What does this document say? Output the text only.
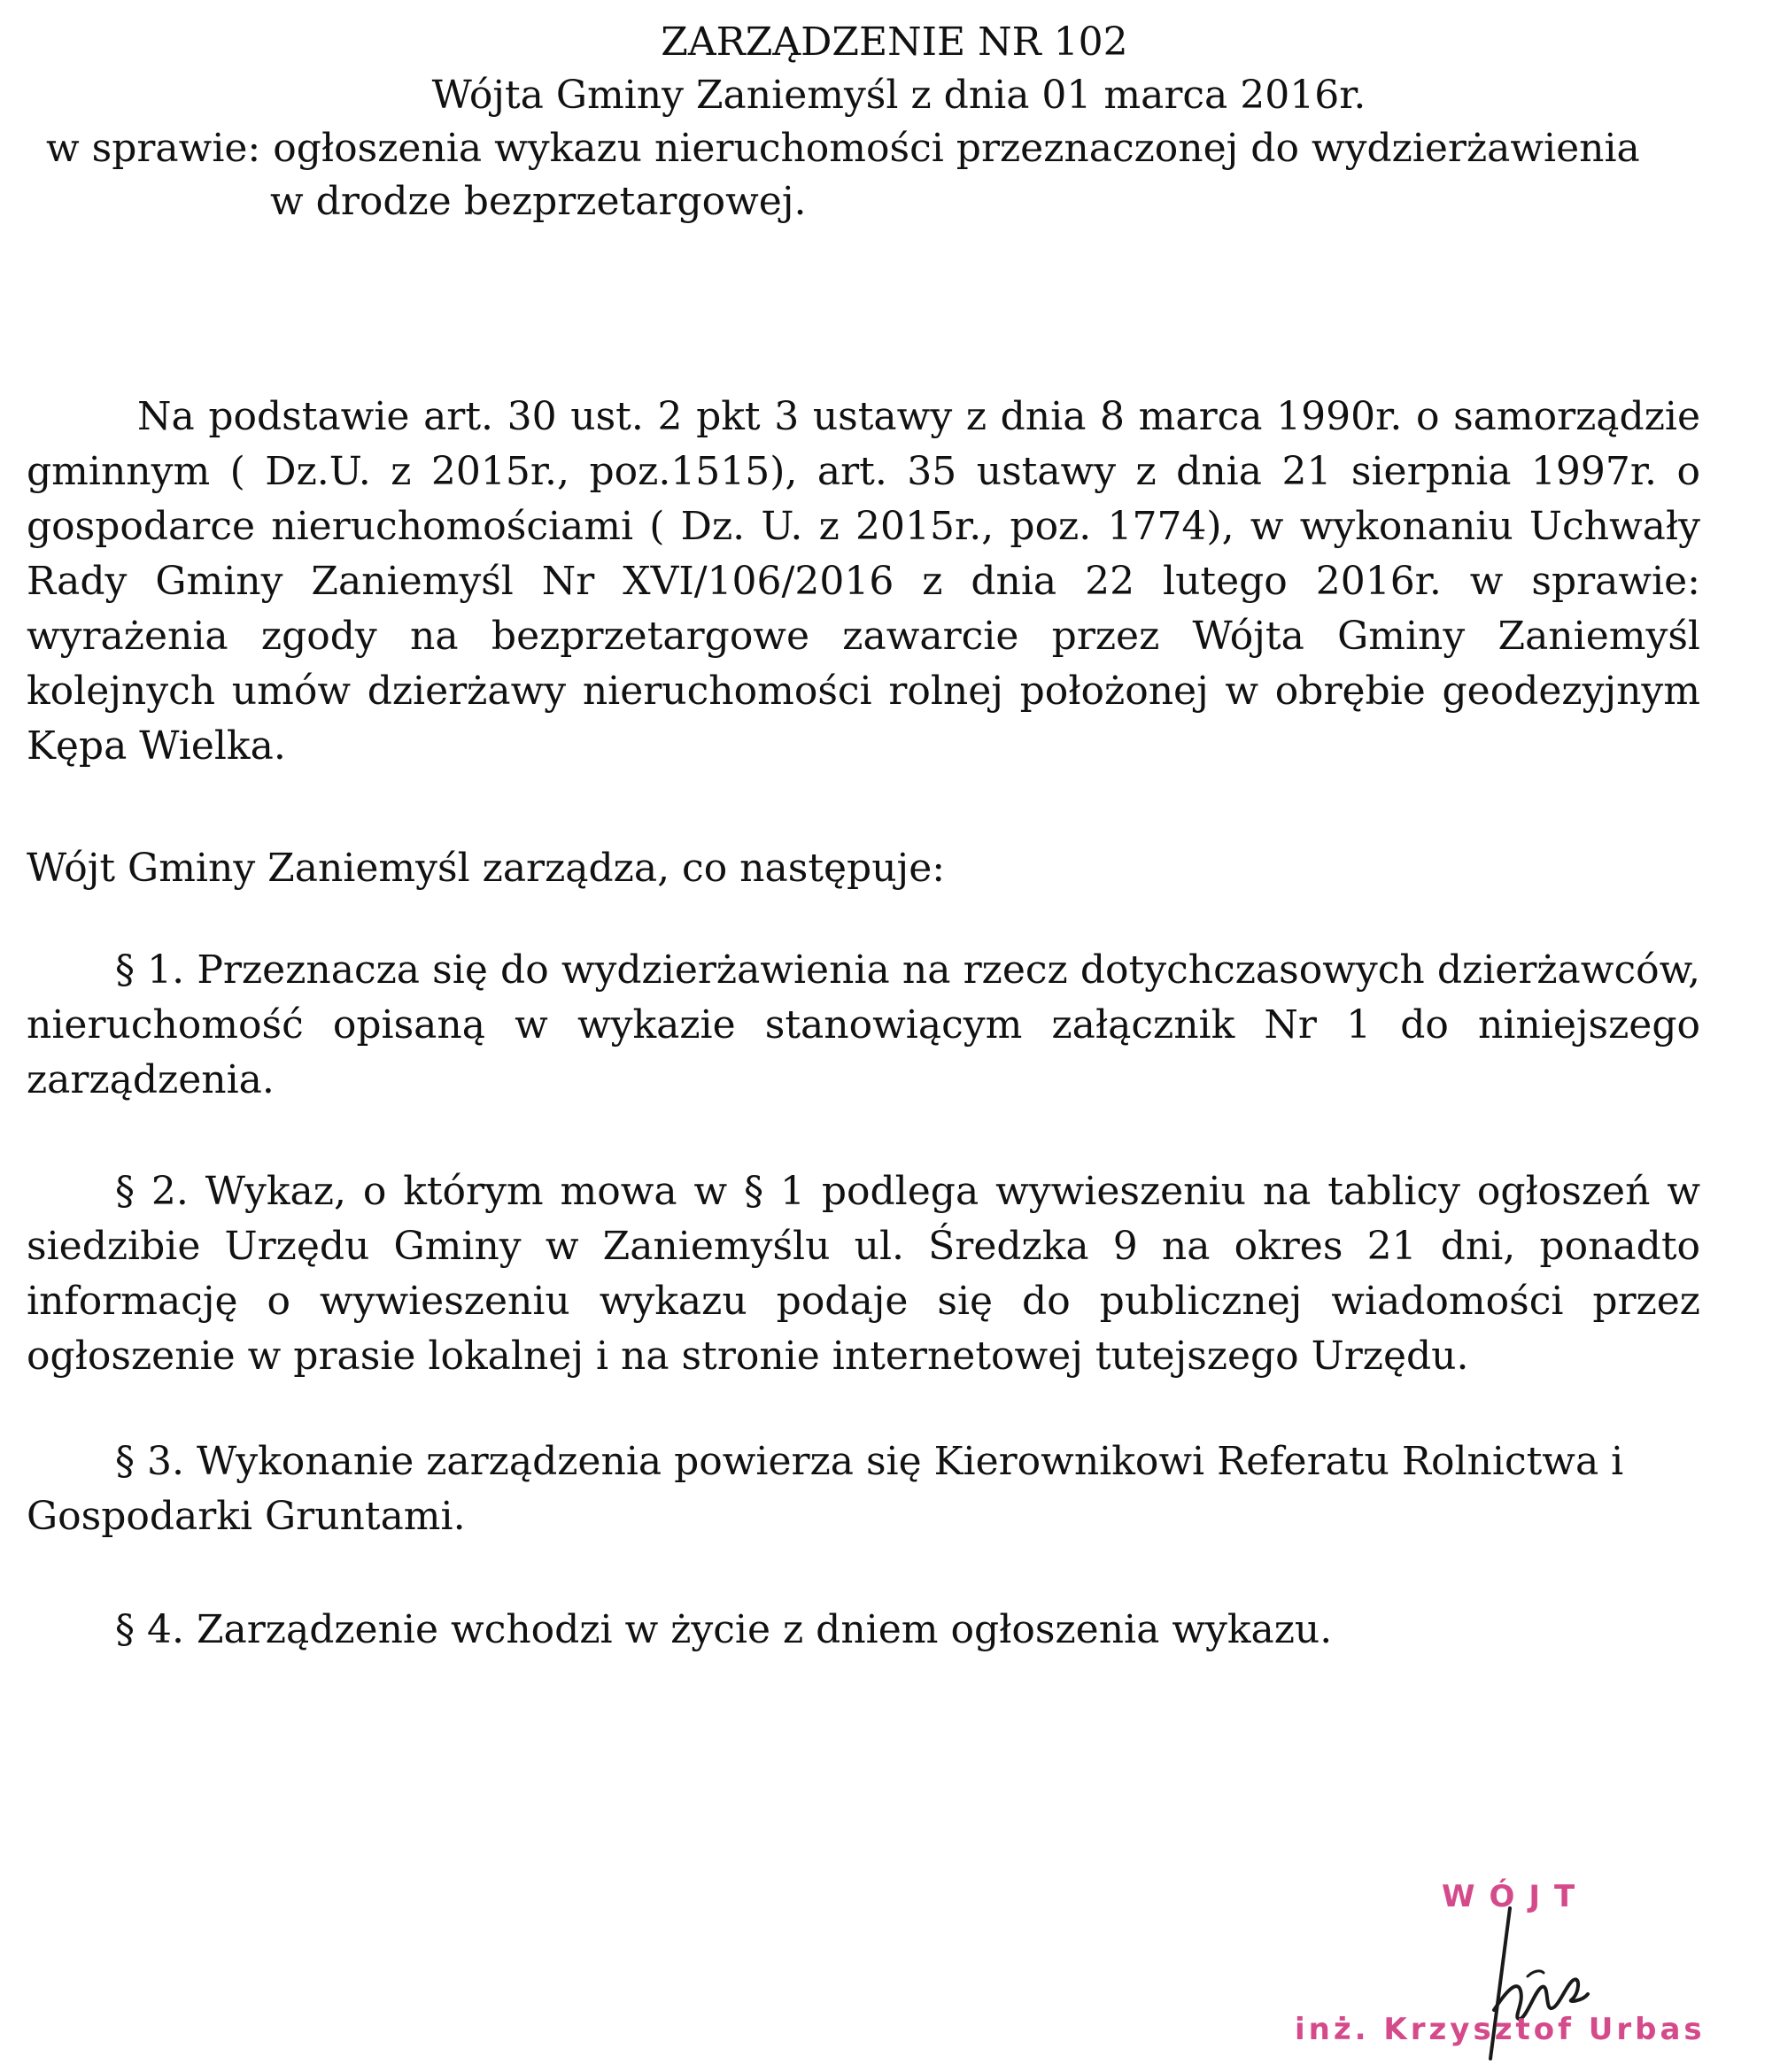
ZARZĄDZENIE NR 102
Wójta Gminy Zaniemyśl z dnia 01 marca 2016r.
w sprawie: ogłoszenia wykazu nieruchomości przeznaczonej do wydzierżawienia
w drodze bezprzetargowej.

Na podstawie art. 30 ust. 2 pkt 3 ustawy z dnia 8 marca 1990r. o samorządzie gminnym ( Dz.U. z 2015r., poz.1515), art. 35 ustawy z dnia 21 sierpnia 1997r. o gospodarce nieruchomościami ( Dz. U. z 2015r., poz. 1774), w wykonaniu Uchwały Rady Gminy Zaniemyśl Nr XVI/106/2016 z dnia 22 lutego 2016r. w sprawie: wyrażenia zgody na bezprzetargowe zawarcie przez Wójta Gminy Zaniemyśl kolejnych umów dzierżawy nieruchomości rolnej położonej w obrębie geodezyjnym Kępa Wielka.

Wójt Gminy Zaniemyśl zarządza, co następuje:

§ 1. Przeznacza się do wydzierżawienia na rzecz dotychczasowych dzierżawców, nieruchomość opisaną w wykazie stanowiącym załącznik Nr 1 do niniejszego zarządzenia.

§ 2. Wykaz, o którym mowa w § 1 podlega wywieszeniu na tablicy ogłoszeń w siedzibie Urzędu Gminy w Zaniemyślu ul. Średzka 9 na okres 21 dni, ponadto informację o wywieszeniu wykazu podaje się do publicznej wiadomości przez ogłoszenie w prasie lokalnej i na stronie internetowej tutejszego Urzędu.

§ 3. Wykonanie zarządzenia powierza się Kierownikowi Referatu Rolnictwa i Gospodarki Gruntami.

§ 4. Zarządzenie wchodzi w życie z dniem ogłoszenia wykazu.

WÓJT
inż. Krzysztof Urbas
